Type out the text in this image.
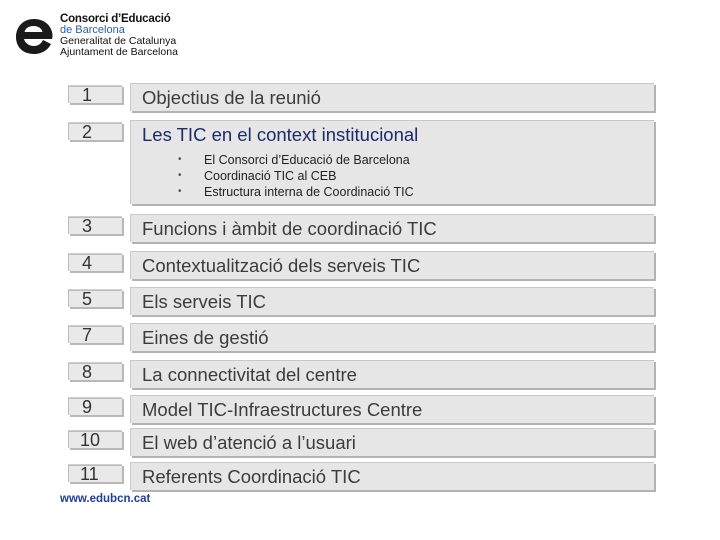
Consorci d’Educació
de Barcelona
Generalitat de Catalunya
Ajuntament de Barcelona
1	Objectius de la reunió
2	Les TIC en el context institucional
• El Consorci d’Educació de Barcelona
• Coordinació TIC al CEB
• Estructura interna de Coordinació TIC
3	Funcions i àmbit de coordinació TIC
4	Contextualització dels serveis TIC
5	Els serveis TIC
7	Eines de gestió
8	La connectivitat del centre
9	Model TIC-Infraestructures Centre
10	El web d’atenció a l’usuari
11	Referents Coordinació TIC
www.edubcn.cat
